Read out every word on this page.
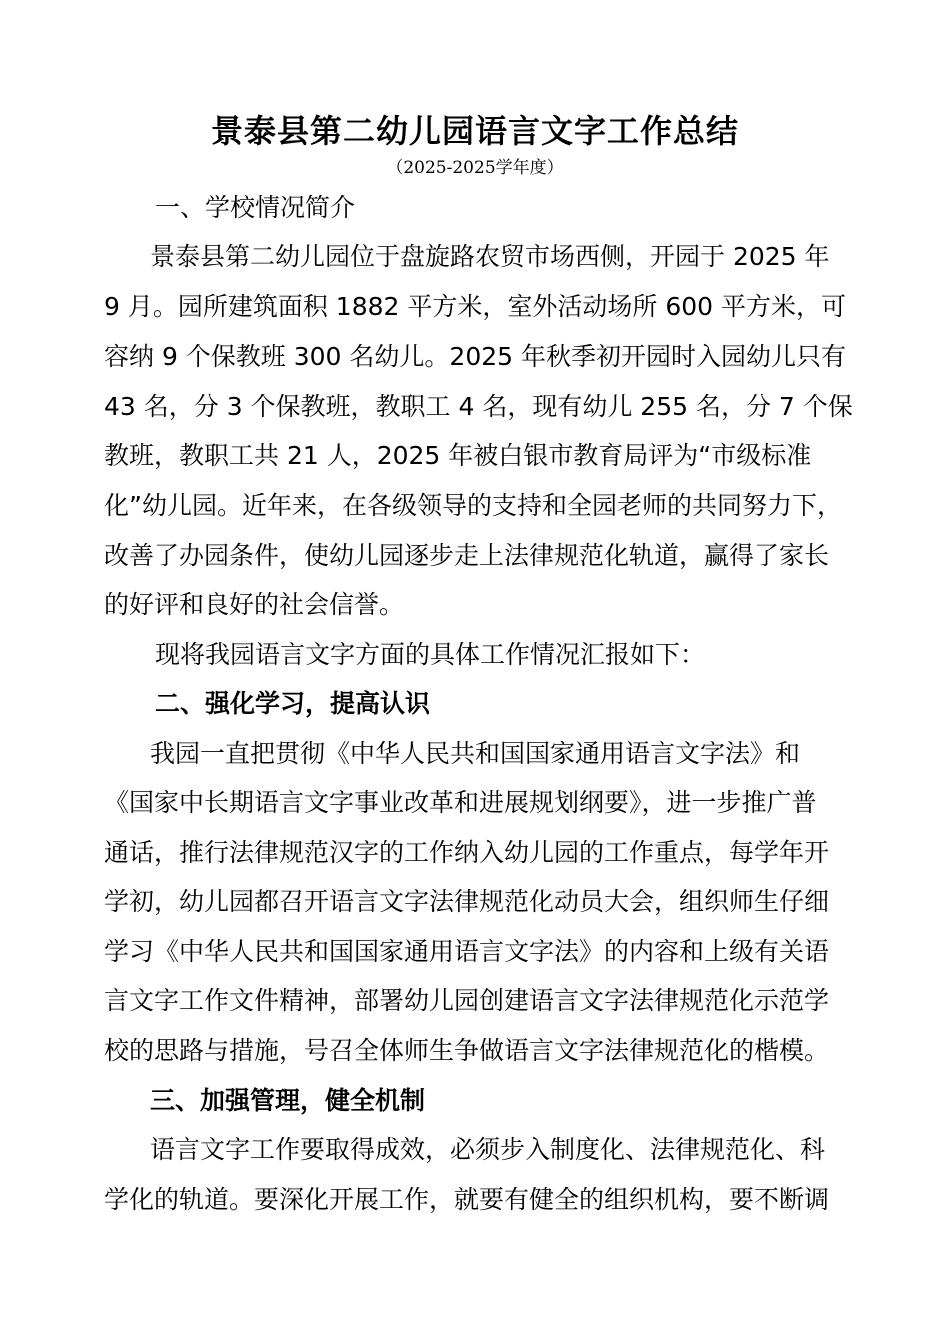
景泰县第二幼儿园语言文字工作总结
（2025-2025学年度）
一、学校情况简介
景泰县第二幼儿园位于盘旋路农贸市场西侧，开园于 2025 年
9 月。园所建筑面积 1882 平方米，室外活动场所 600 平方米，可
容纳 9 个保教班 300 名幼儿。2025 年秋季初开园时入园幼儿只有
43 名，分 3 个保教班，教职工 4 名，现有幼儿 255 名，分 7 个保
教班，教职工共 21 人，2025 年被白银市教育局评为“市级标准
化”幼儿园。近年来，在各级领导的支持和全园老师的共同努力下，
改善了办园条件，使幼儿园逐步走上法律规范化轨道，赢得了家长
的好评和良好的社会信誉。
现将我园语言文字方面的具体工作情况汇报如下：
二、强化学习，提高认识
我园一直把贯彻《中华人民共和国国家通用语言文字法》和
《国家中长期语言文字事业改革和进展规划纲要》，进一步推广普
通话，推行法律规范汉字的工作纳入幼儿园的工作重点，每学年开
学初，幼儿园都召开语言文字法律规范化动员大会，组织师生仔细
学习《中华人民共和国国家通用语言文字法》的内容和上级有关语
言文字工作文件精神，部署幼儿园创建语言文字法律规范化示范学
校的思路与措施，号召全体师生争做语言文字法律规范化的楷模。
三、加强管理，健全机制
语言文字工作要取得成效，必须步入制度化、法律规范化、科
学化的轨道。要深化开展工作，就要有健全的组织机构，要不断调
